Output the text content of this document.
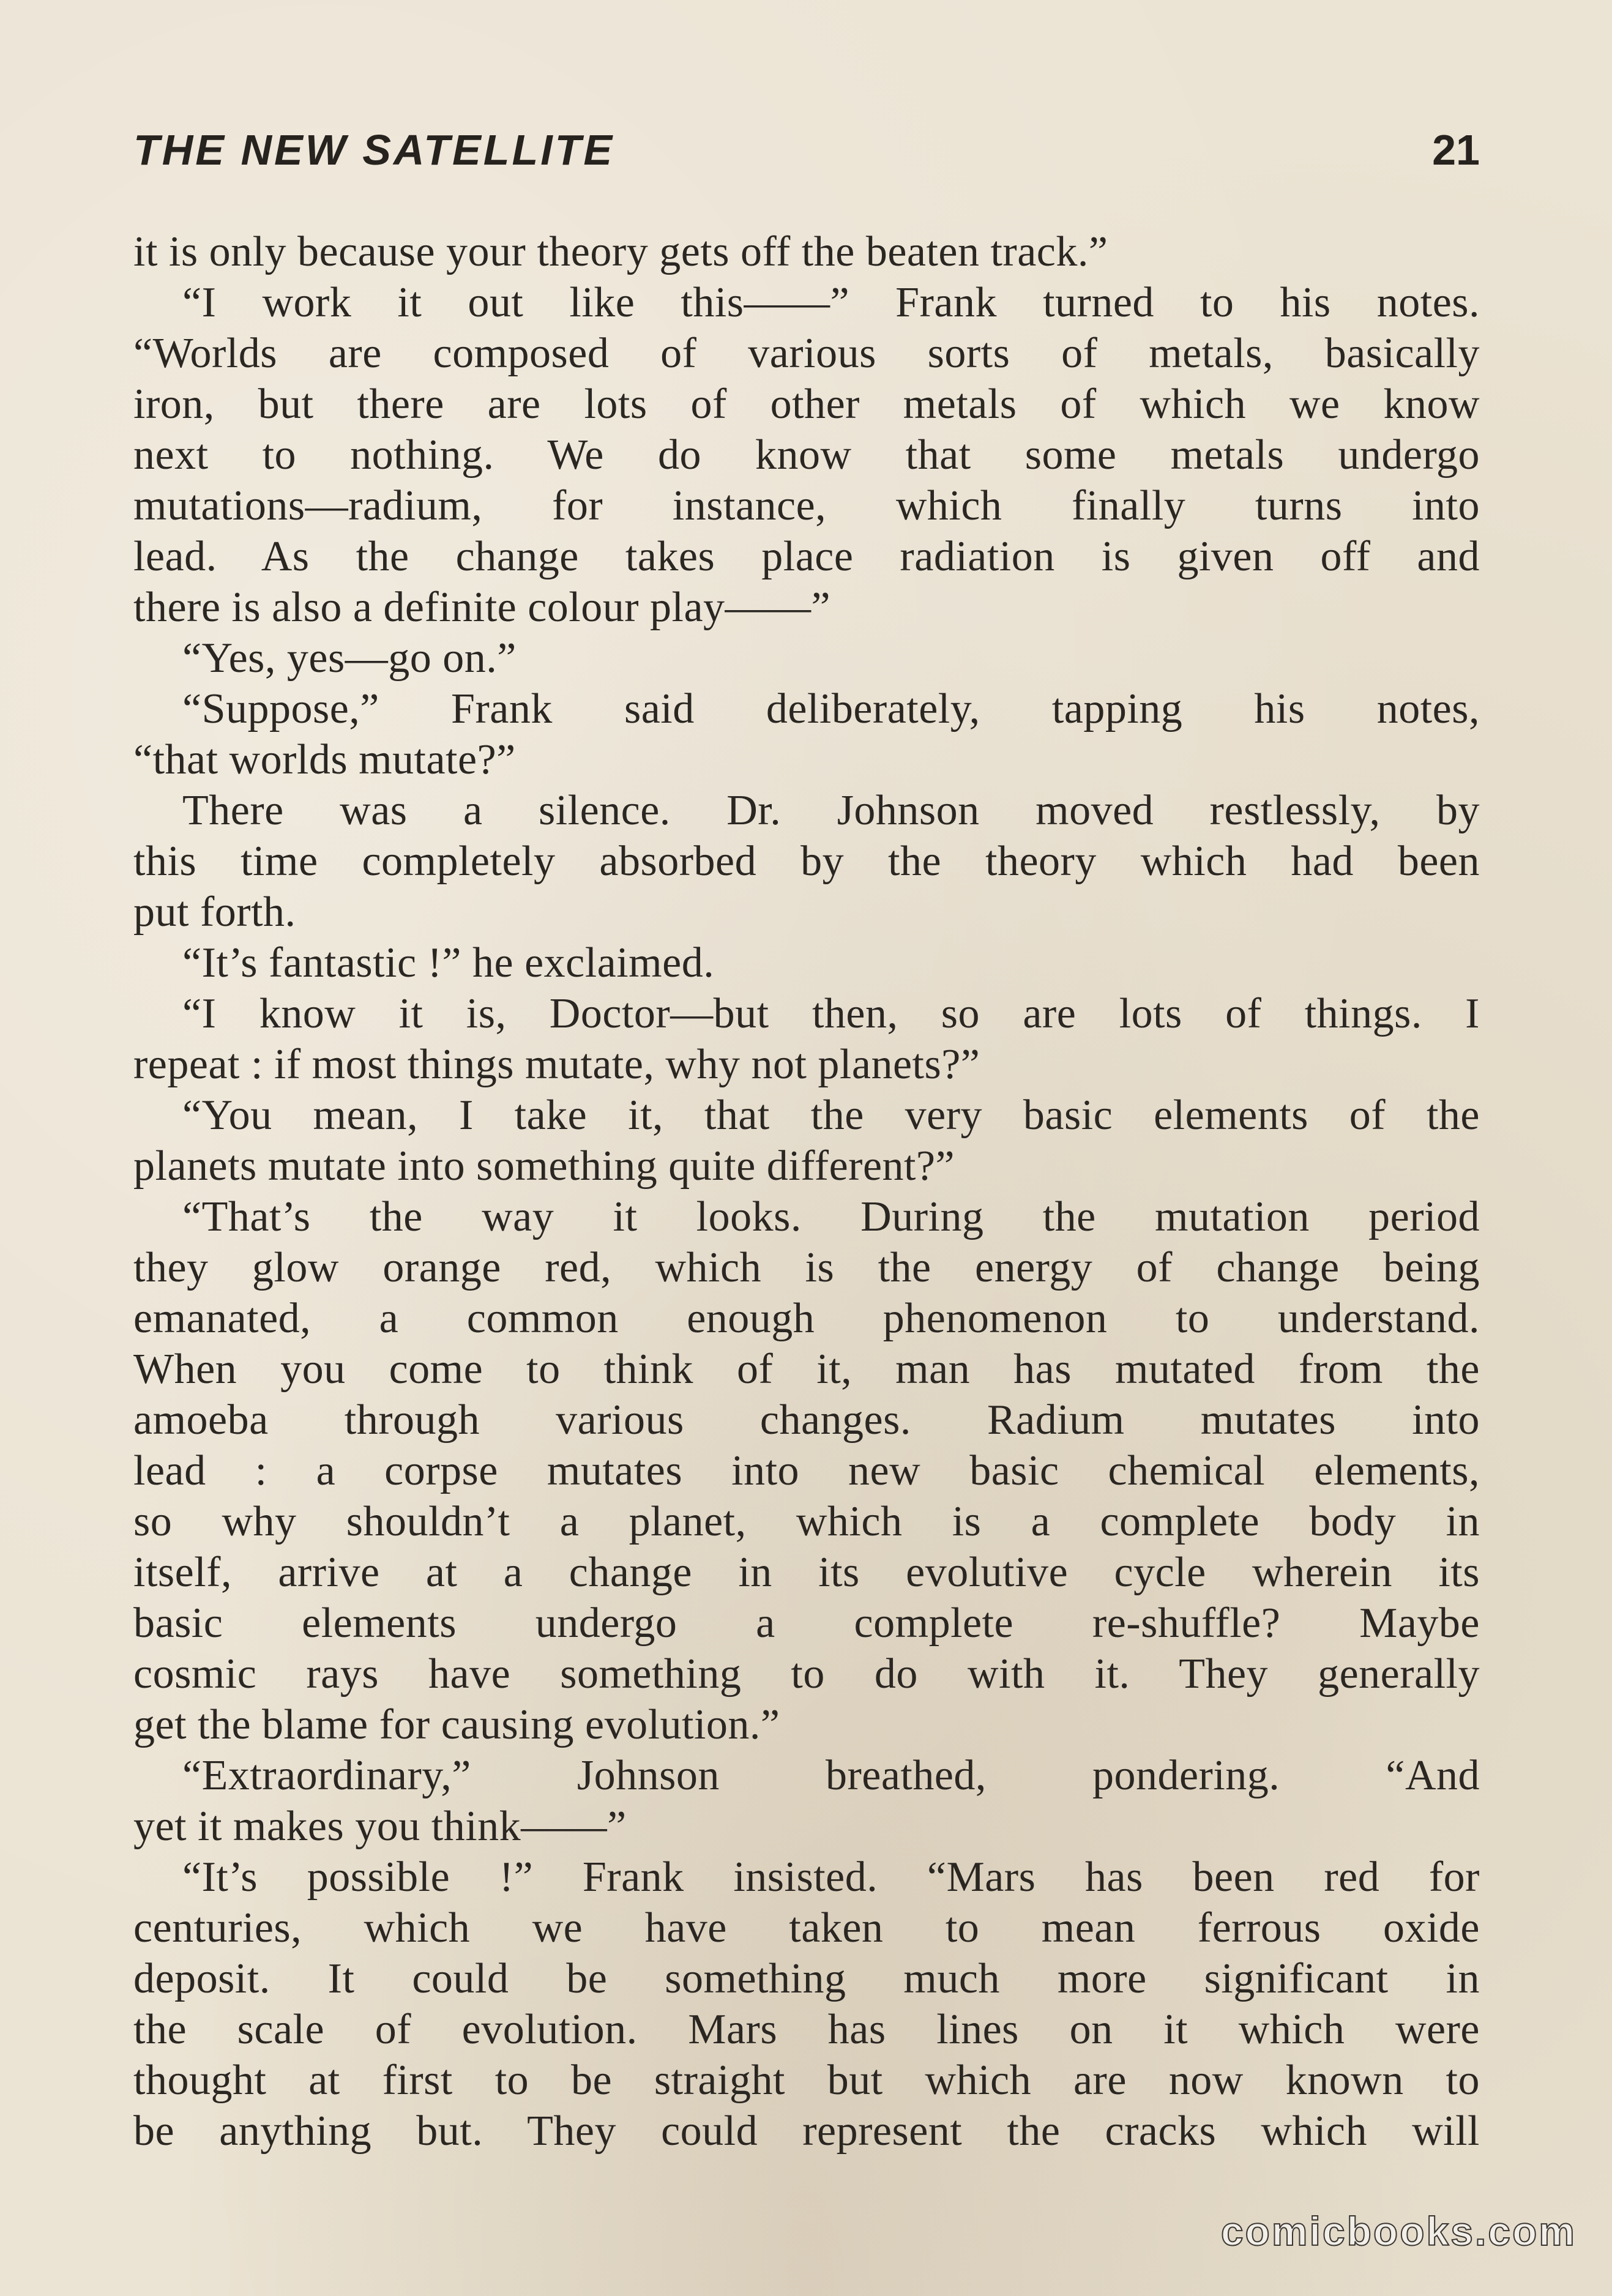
THE NEW SATELLITE	21
it is only because your theory gets off the beaten track.”
“I work it out like this——” Frank turned to his notes.
“Worlds are composed of various sorts of metals, basically
iron, but there are lots of other metals of which we know
next to nothing. We do know that some metals undergo
mutations—radium, for instance, which finally turns into
lead. As the change takes place radiation is given off and
there is also a definite colour play——”
“Yes, yes—go on.”
“Suppose,” Frank said deliberately, tapping his notes,
“that worlds mutate?”
There was a silence. Dr. Johnson moved restlessly, by
this time completely absorbed by the theory which had been
put forth.
“It’s fantastic !” he exclaimed.
“I know it is, Doctor—but then, so are lots of things. I
repeat : if most things mutate, why not planets?”
“You mean, I take it, that the very basic elements of the
planets mutate into something quite different?”
“That’s the way it looks. During the mutation period
they glow orange red, which is the energy of change being
emanated, a common enough phenomenon to understand.
When you come to think of it, man has mutated from the
amoeba through various changes. Radium mutates into
lead : a corpse mutates into new basic chemical elements,
so why shouldn’t a planet, which is a complete body in
itself, arrive at a change in its evolutive cycle wherein its
basic elements undergo a complete re-shuffle? Maybe
cosmic rays have something to do with it. They generally
get the blame for causing evolution.”
“Extraordinary,” Johnson breathed, pondering. “And
yet it makes you think——”
“It’s possible !” Frank insisted. “Mars has been red for
centuries, which we have taken to mean ferrous oxide
deposit. It could be something much more significant in
the scale of evolution. Mars has lines on it which were
thought at first to be straight but which are now known to
be anything but. They could represent the cracks which will
comicbooks.com
